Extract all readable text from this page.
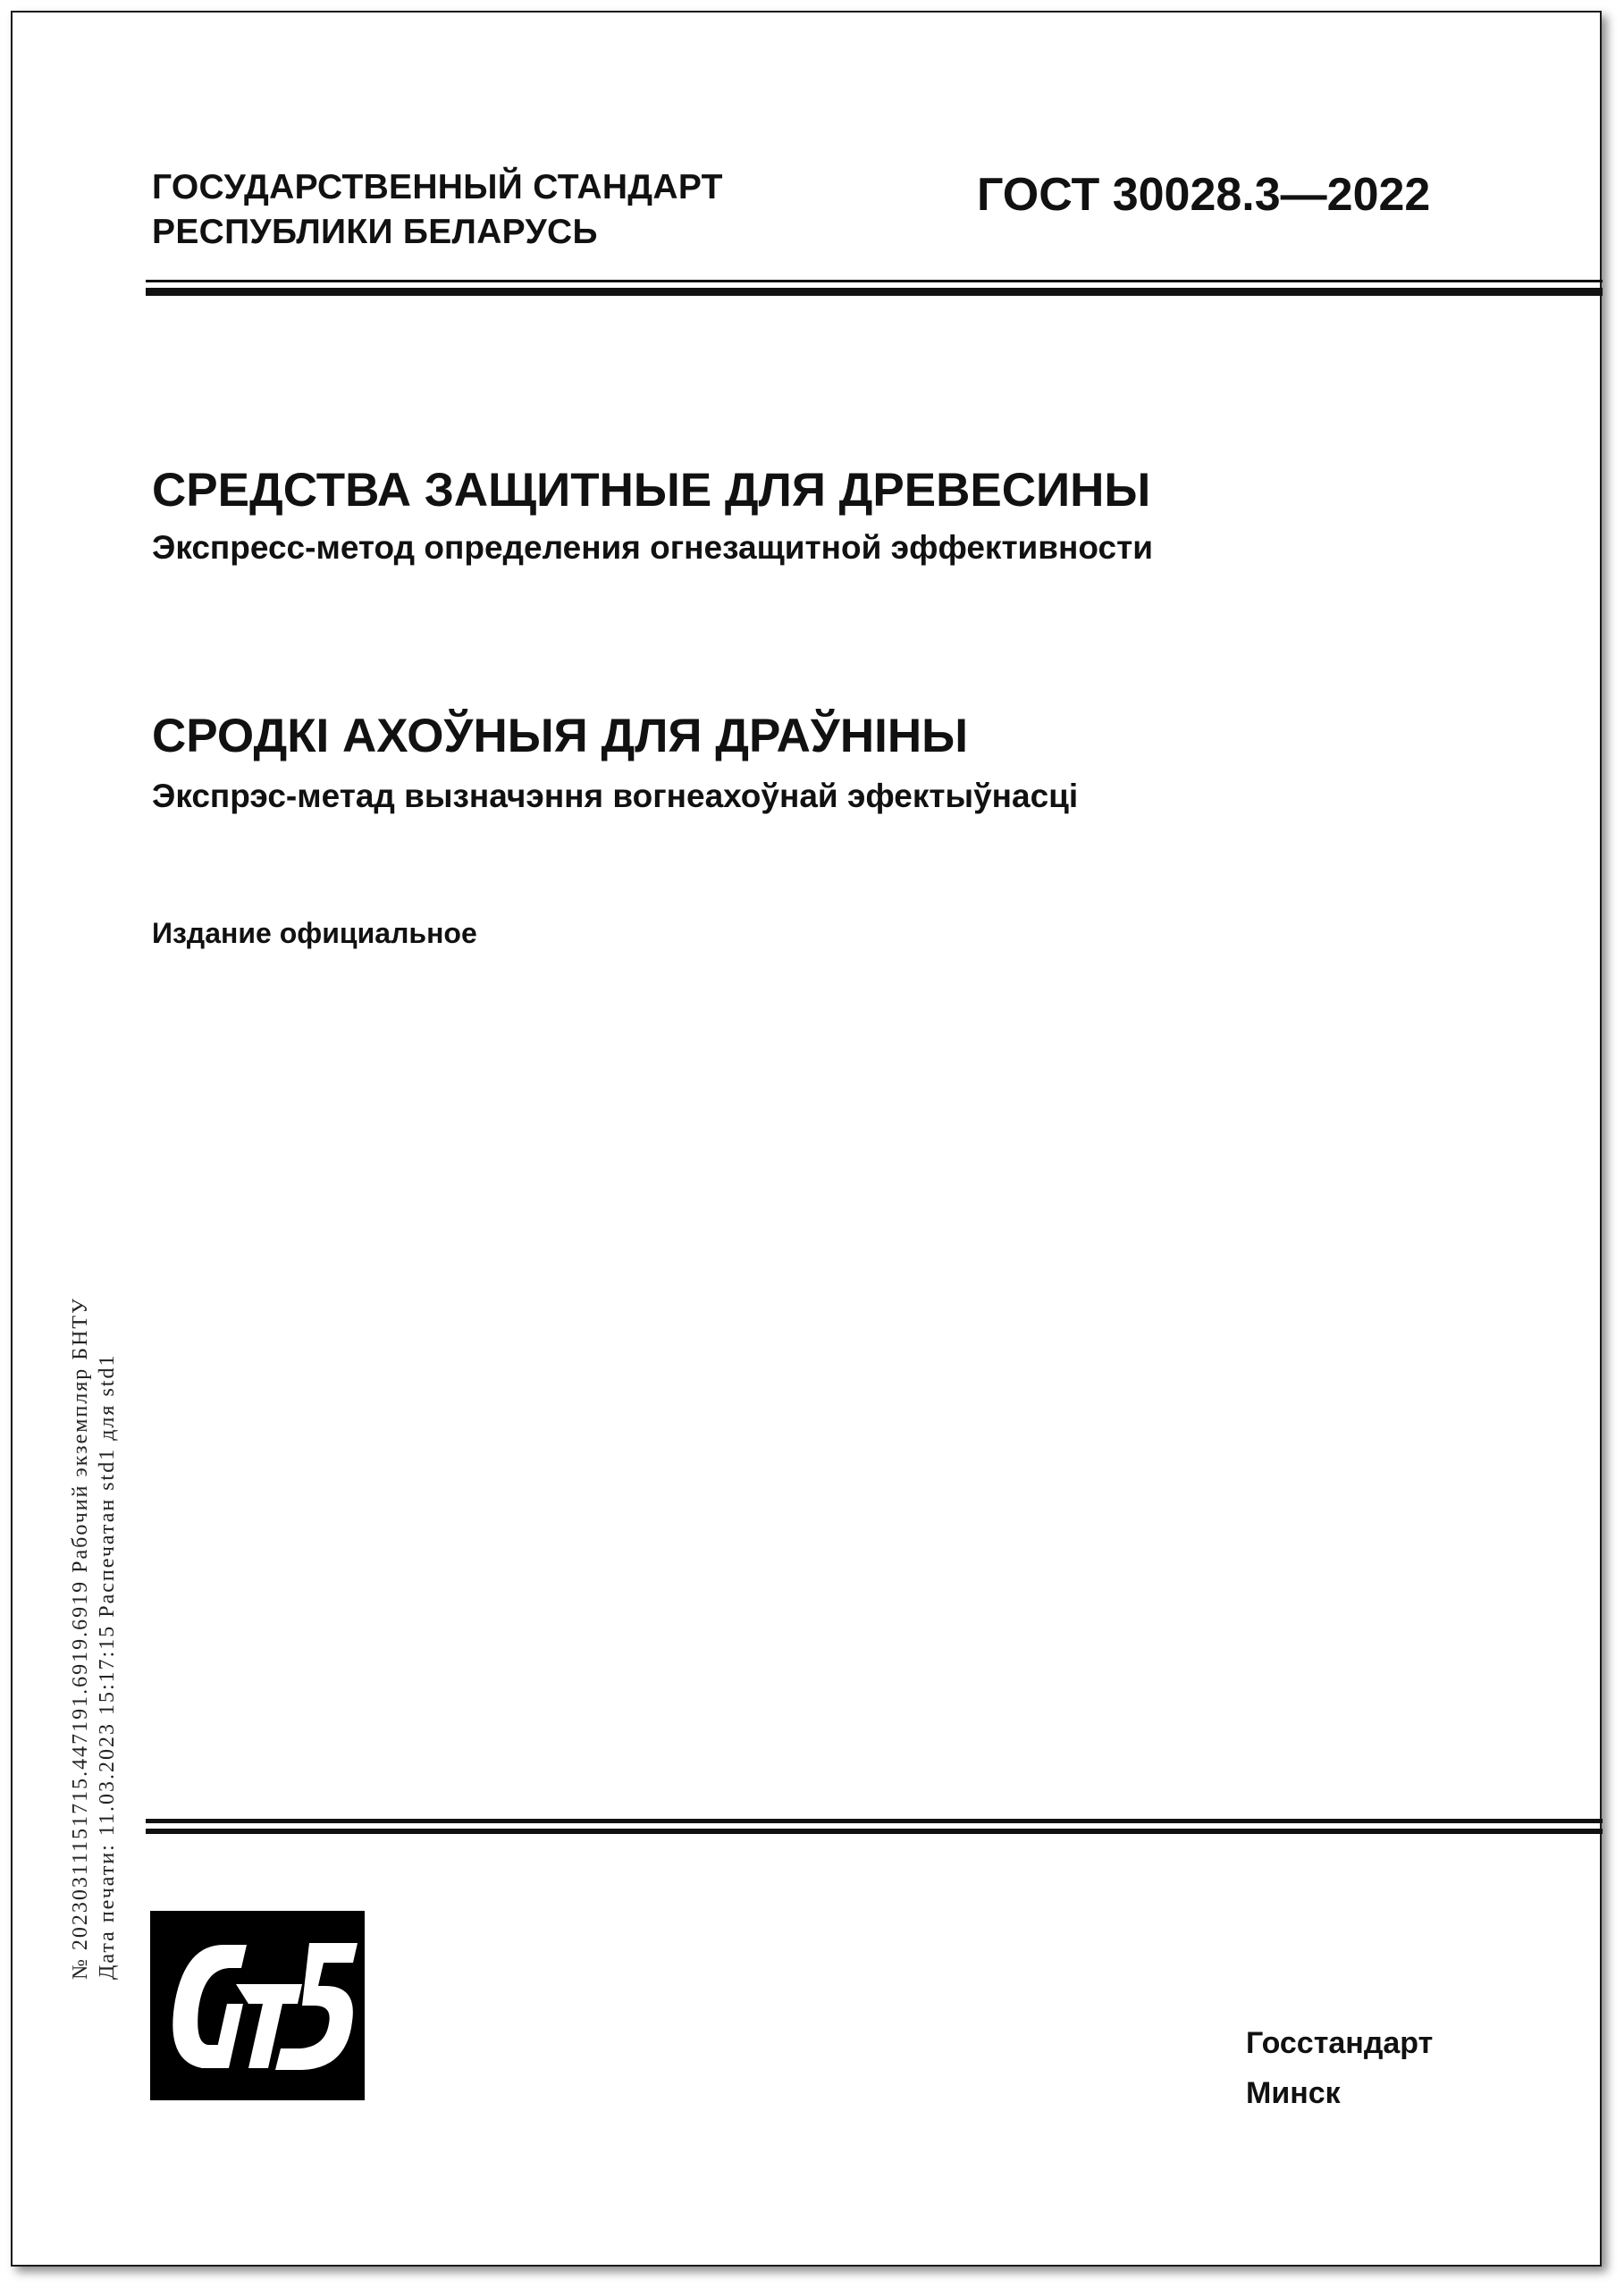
ГОСУДАРСТВЕННЫЙ СТАНДАРТ
РЕСПУБЛИКИ БЕЛАРУСЬ
ГОСТ 30028.3—2022
СРЕДСТВА ЗАЩИТНЫЕ ДЛЯ ДРЕВЕСИНЫ
Экспресс-метод определения огнезащитной эффективности
СРОДКІ АХОЎНЫЯ ДЛЯ ДРАЎНІНЫ
Экспрэс-метад вызначэння вогнеахоўнай эфектыўнасці
Издание официальное
№ 20230311151715.447191.6919.6919 Рабочий экземпляр БНТУ Дата печати: 11.03.2023 15:17:15 Распечатан std1 для std1
Госстандарт
Минск
